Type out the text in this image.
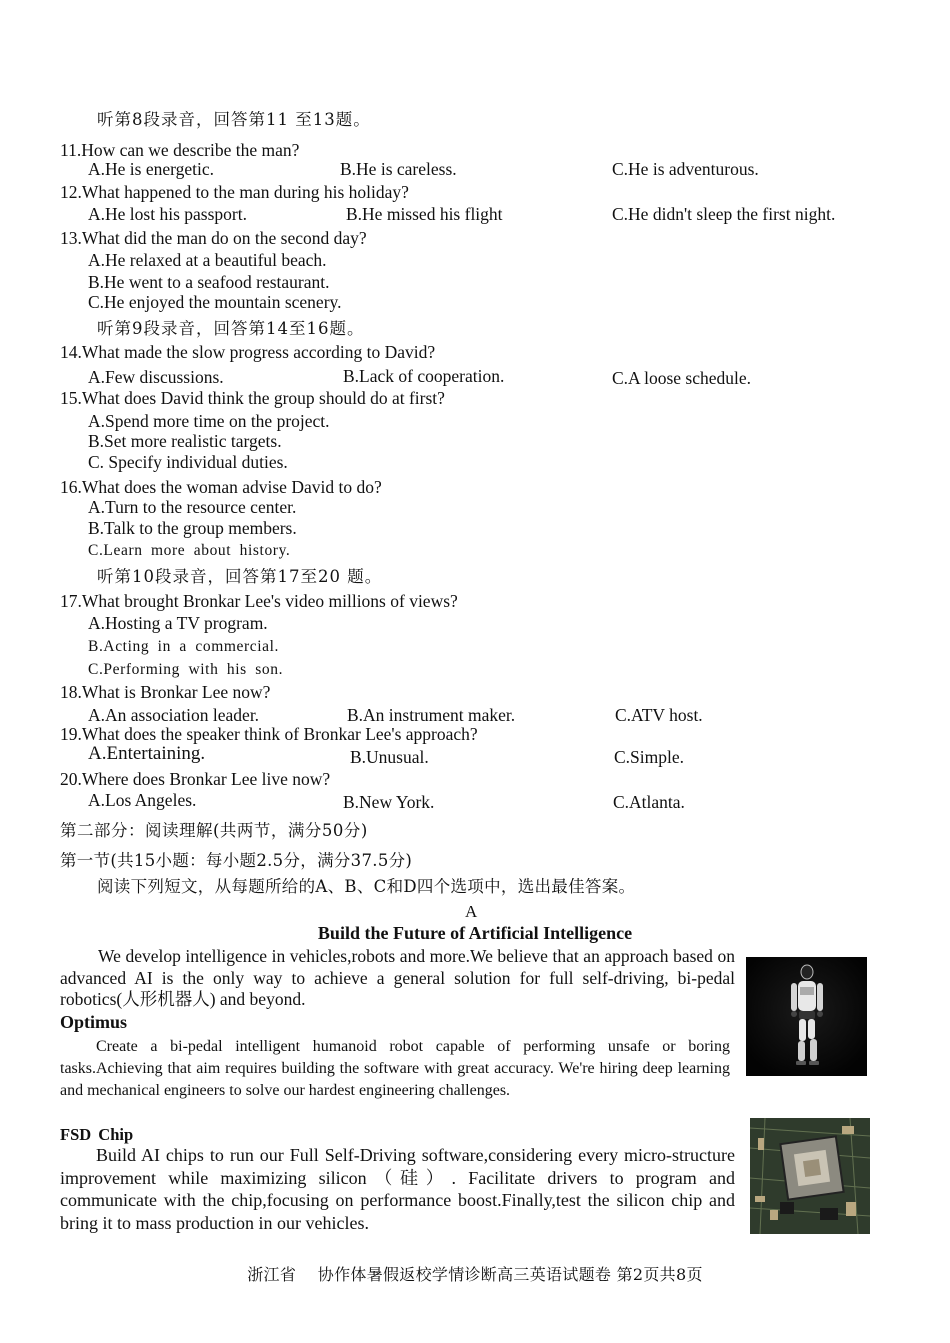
听第8段录音，回答第11 至13题。
11.How can we describe the man?
A.He is energetic.	B.He is careless.	C.He is adventurous.
12.What happened to the man during his holiday?
A.He lost his passport.	B.He missed his flight	C.He didn't sleep the first night.
13.What did the man do on the second day?
A.He relaxed at a beautiful beach.
B.He went to a seafood restaurant.
C.He enjoyed the mountain scenery.
听第9段录音，回答第14至16题。
14.What made the slow progress according to David?
A.Few discussions.	B.Lack of cooperation.	C.A loose schedule.
15.What does David think the group should do at first?
A.Spend more time on the project.
B.Set more realistic targets.
C. Specify individual duties.
16.What does the woman advise David to do?
A.Turn to the resource center.
B.Talk to the group members.
C.Learn more about history.
听第10段录音，回答第17至20 题。
17.What brought Bronkar Lee's video millions of views?
A.Hosting a TV program.
B.Acting in a commercial.
C.Performing with his son.
18.What is Bronkar Lee now?
A.An association leader.	B.An instrument maker.	C.ATV host.
19.What does the speaker think of Bronkar Lee's approach?
A.Entertaining.	B.Unusual.	C.Simple.
20.Where does Bronkar Lee live now?
A.Los Angeles.	B.New York.	C.Atlanta.
第二部分：阅读理解(共两节，满分50分)
第一节(共15小题：每小题2.5分，满分37.5分)
阅读下列短文，从每题所给的A、B、C和D四个选项中，选出最佳答案。
A
Build the Future of Artificial Intelligence
We develop intelligence in vehicles,robots and more.We believe that an approach based on advanced AI is the only way to achieve a general solution for full self-driving, bi-pedal robotics(人形机器人) and beyond.
Optimus
Create a bi-pedal intelligent humanoid robot capable of performing unsafe or boring tasks.Achieving that aim requires building the software with great accuracy. We're hiring deep learning and mechanical engineers to solve our hardest engineering challenges.
FSD Chip
Build AI chips to run our Full Self-Driving software,considering every micro-structure improvement while maximizing silicon（硅）. Facilitate drivers to program and communicate with the chip,focusing on performance boost.Finally,test the silicon chip and bring it to mass production in our vehicles.
浙江省　 协作体暑假返校学情诊断高三英语试题卷 第2页共8页
